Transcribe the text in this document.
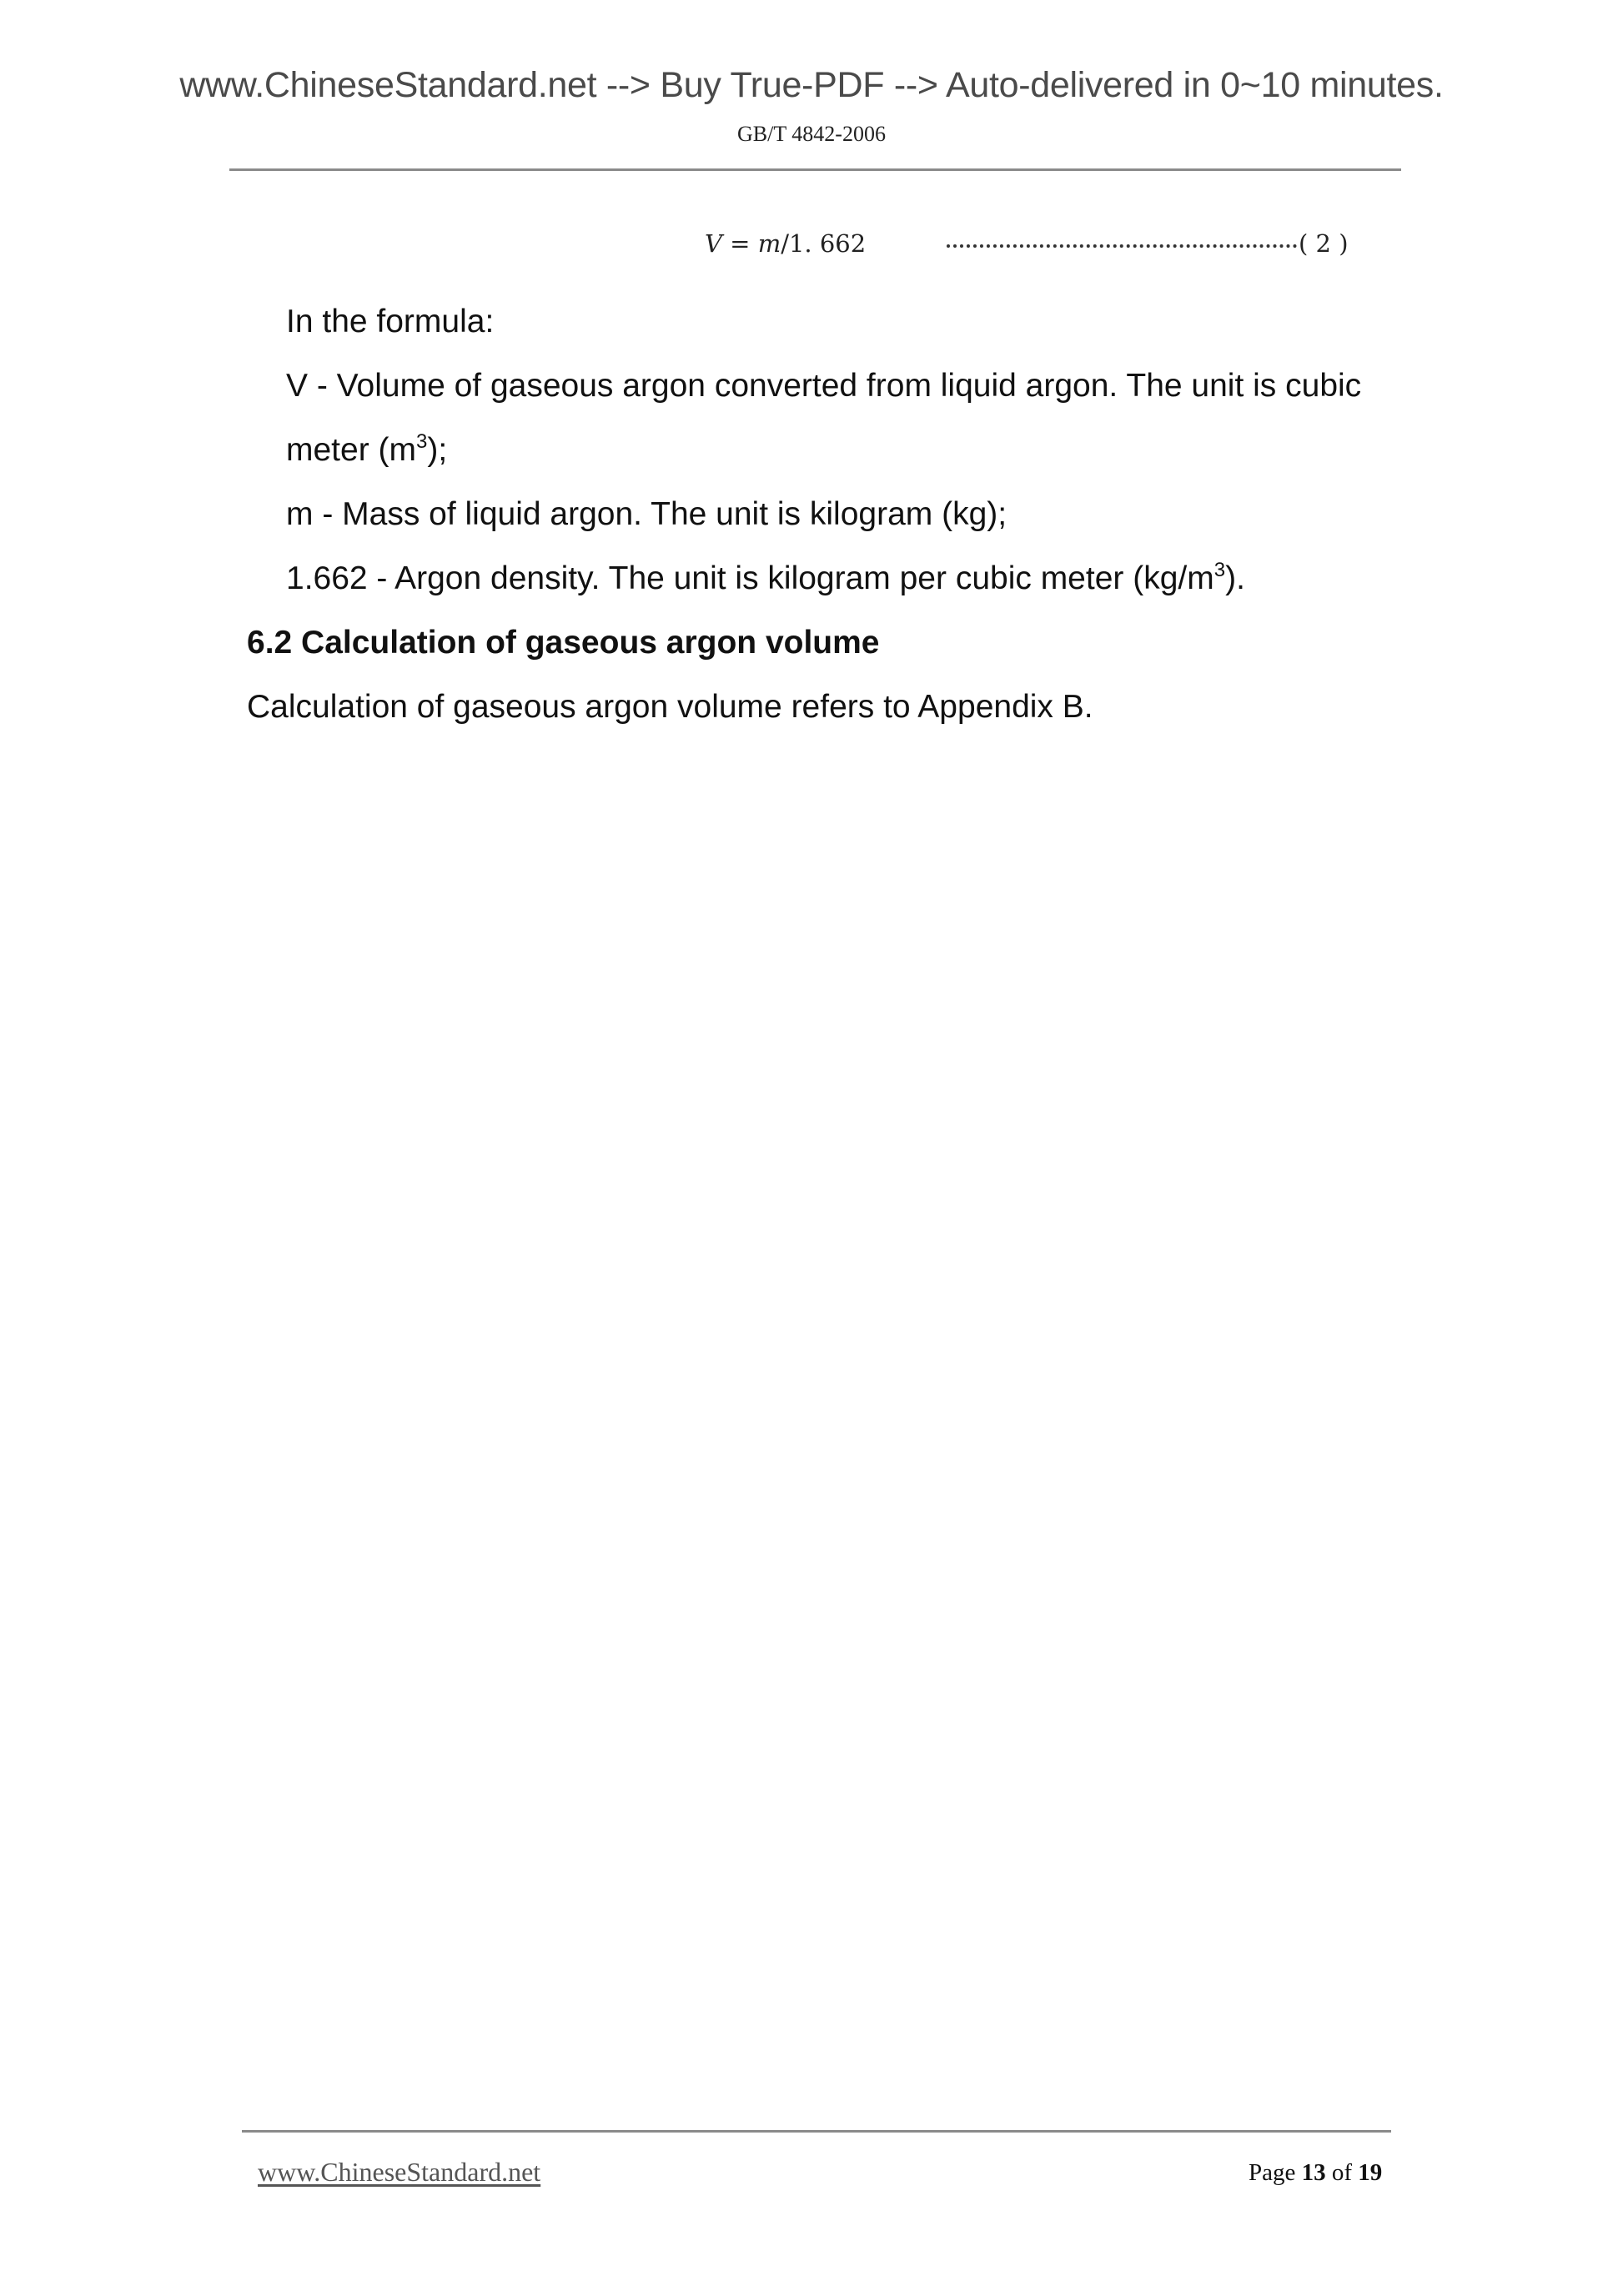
www.ChineseStandard.net --> Buy True-PDF --> Auto-delivered in 0~10 minutes.
GB/T 4842-2006
V = m/1. 662	( 2 )
In the formula:
V - Volume of gaseous argon converted from liquid argon. The unit is cubic
meter $(m^3)$;
m - Mass of liquid argon. The unit is kilogram (kg);
1.662 - Argon density. The unit is kilogram per cubic meter $(kg/m^3)$.
6.2 Calculation of gaseous argon volume
Calculation of gaseous argon volume refers to Appendix B.
www.ChineseStandard.net	Page 13 of 19
